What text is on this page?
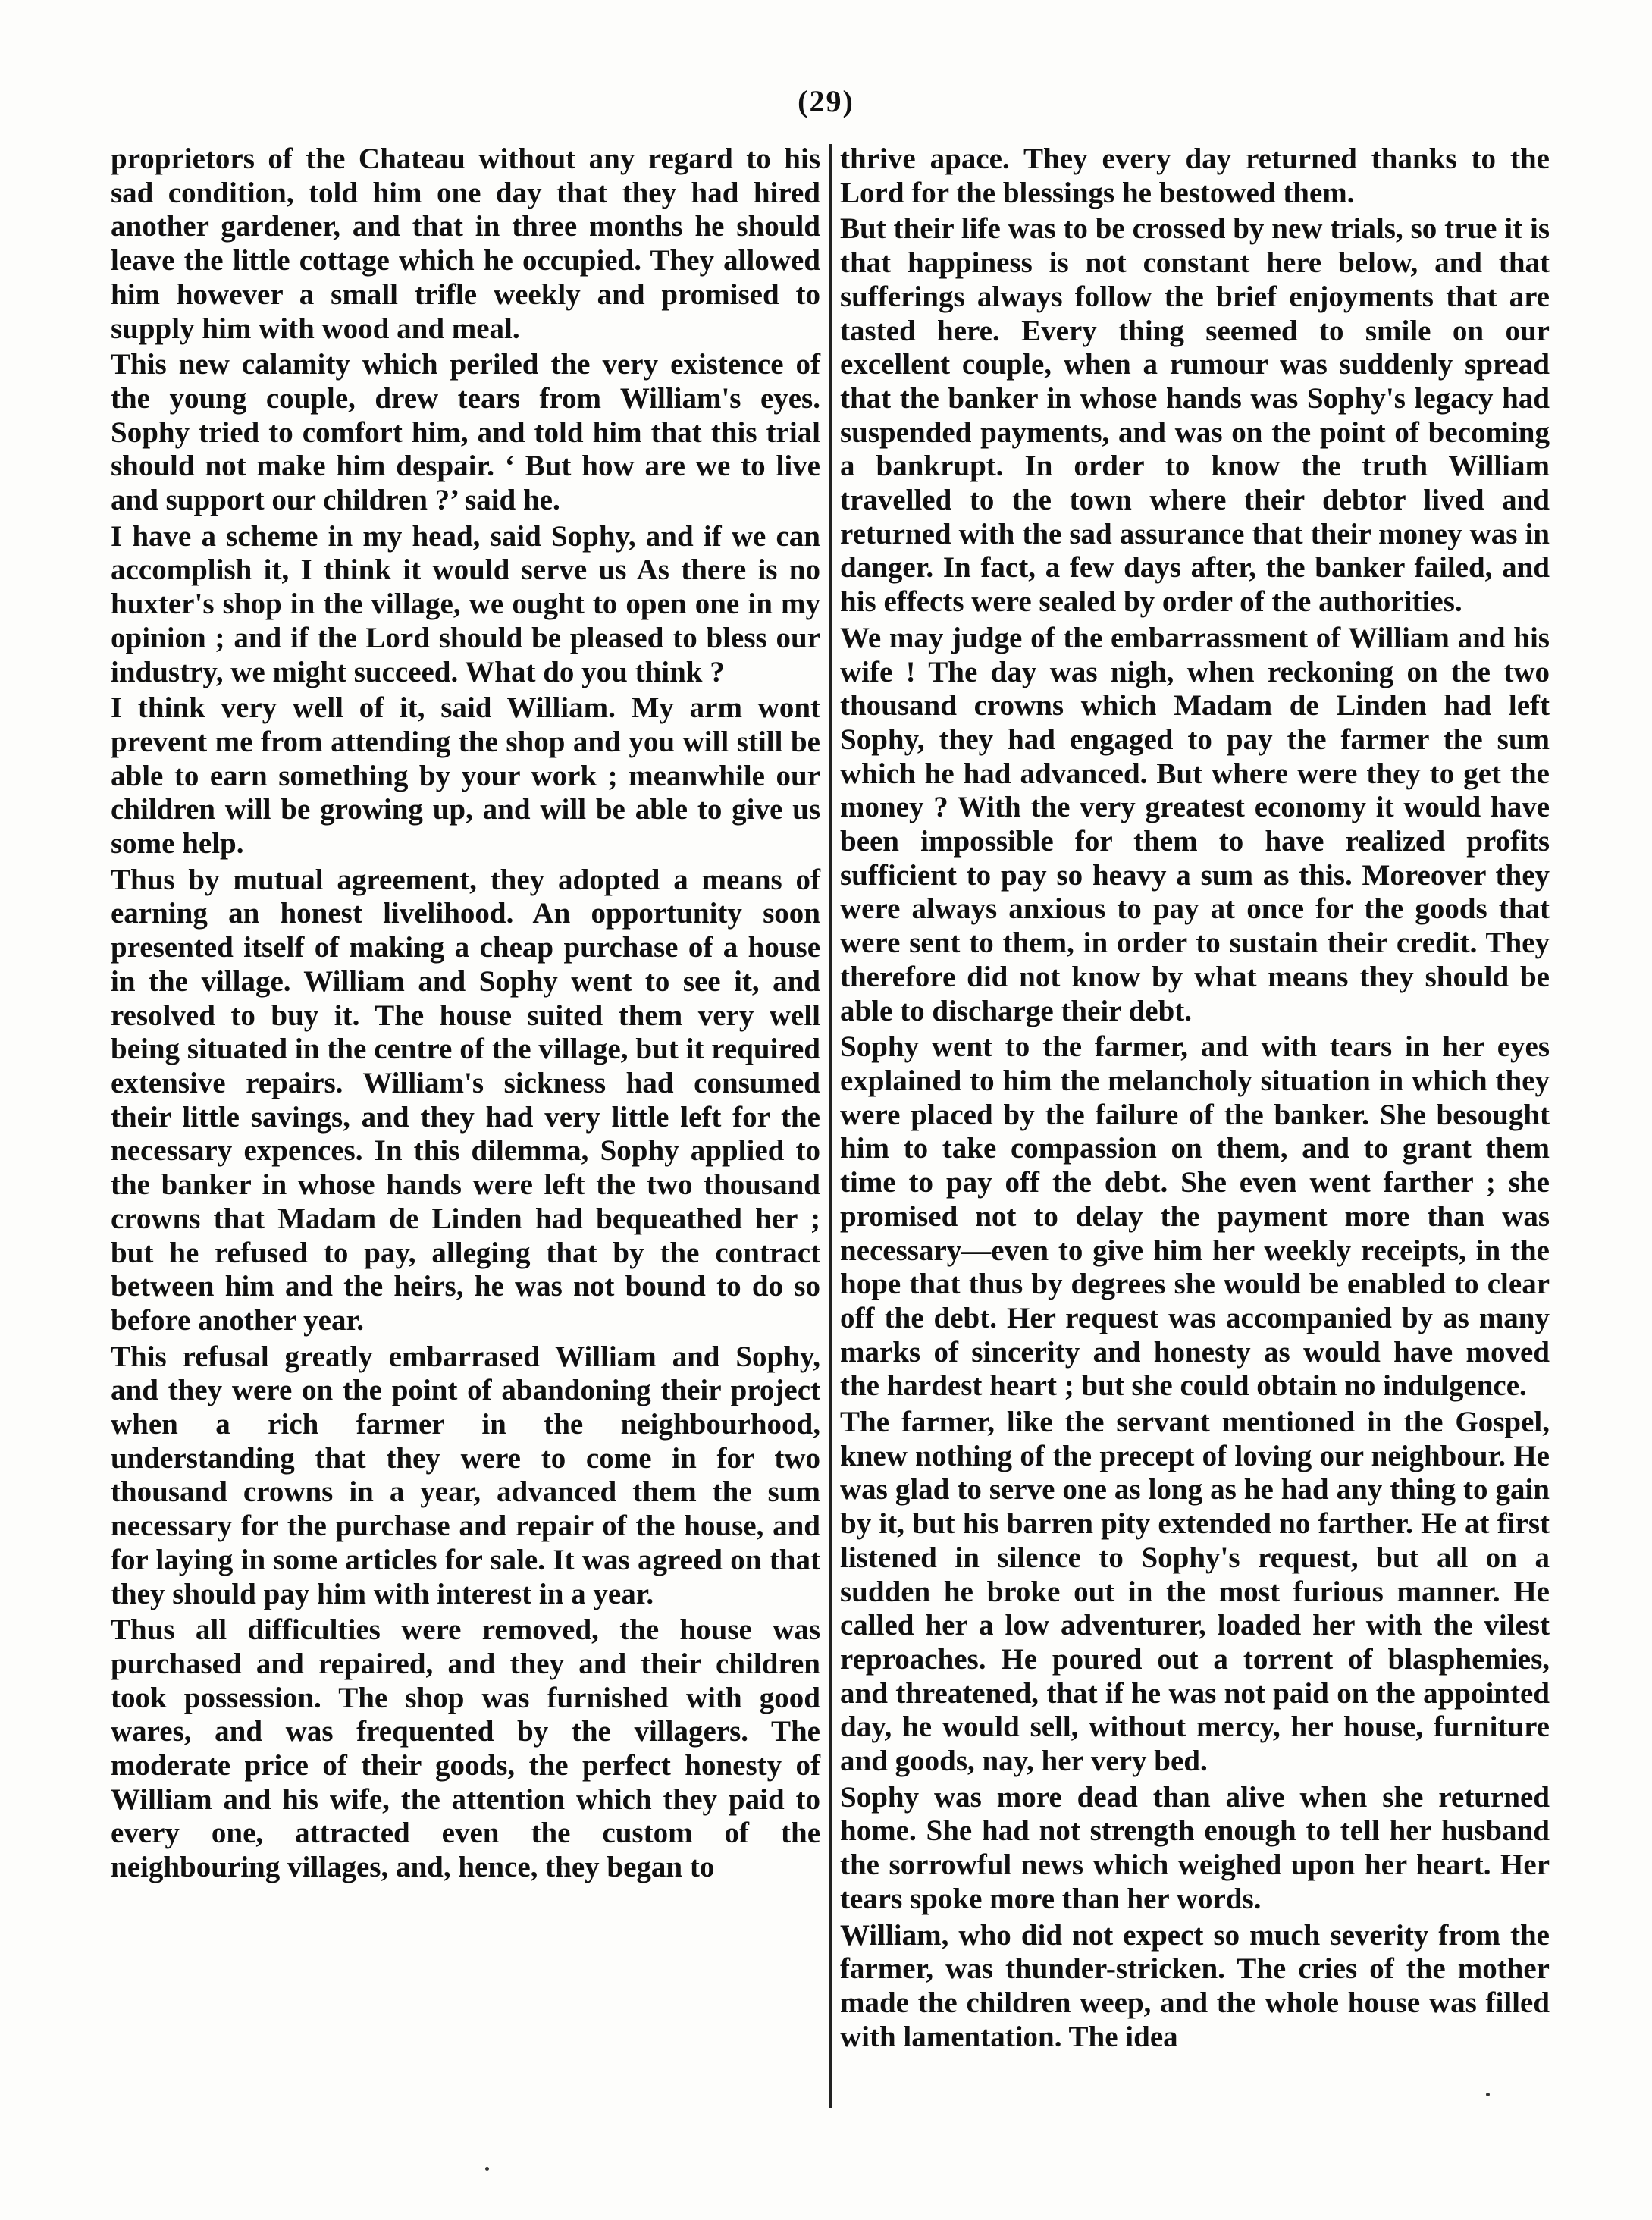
(29)

proprietors of the Chateau without any regard to his sad condition, told him one day that they had hired another gardener, and that in three months he should leave the little cottage which he occupied. They allowed him however a small trifle weekly and promised to supply him with wood and meal.

This new calamity which periled the very existence of the young couple, drew tears from William's eyes. Sophy tried to comfort him, and told him that this trial should not make him despair. ‘ But how are we to live and support our children ?’ said he.

I have a scheme in my head, said Sophy, and if we can accomplish it, I think it would serve us As there is no huxter's shop in the village, we ought to open one in my opinion ; and if the Lord should be pleased to bless our industry, we might succeed. What do you think ?

I think very well of it, said William. My arm wont prevent me from attending the shop and you will still be able to earn something by your work ; meanwhile our children will be growing up, and will be able to give us some help.

Thus by mutual agreement, they adopted a means of earning an honest livelihood. An opportunity soon presented itself of making a cheap purchase of a house in the village. William and Sophy went to see it, and resolved to buy it. The house suited them very well being situated in the centre of the village, but it required extensive repairs. William's sickness had consumed their little savings, and they had very little left for the necessary expences. In this dilemma, Sophy applied to the banker in whose hands were left the two thousand crowns that Madam de Linden had bequeathed her ; but he refused to pay, alleging that by the contract between him and the heirs, he was not bound to do so before another year.

This refusal greatly embarrased William and Sophy, and they were on the point of abandoning their project when a rich farmer in the neighbourhood, understanding that they were to come in for two thousand crowns in a year, advanced them the sum necessary for the purchase and repair of the house, and for laying in some articles for sale. It was agreed on that they should pay him with interest in a year.

Thus all difficulties were removed, the house was purchased and repaired, and they and their children took possession. The shop was furnished with good wares, and was frequented by the villagers. The moderate price of their goods, the perfect honesty of William and his wife, the attention which they paid to every one, attracted even the custom of the neighbouring villages, and, hence, they began to

thrive apace. They every day returned thanks to the Lord for the blessings he bestowed them.

But their life was to be crossed by new trials, so true it is that happiness is not constant here below, and that sufferings always follow the brief enjoyments that are tasted here. Every thing seemed to smile on our excellent couple, when a rumour was suddenly spread that the banker in whose hands was Sophy's legacy had suspended payments, and was on the point of becoming a bankrupt. In order to know the truth William travelled to the town where their debtor lived and returned with the sad assurance that their money was in danger. In fact, a few days after, the banker failed, and his effects were sealed by order of the authorities.

We may judge of the embarrassment of William and his wife ! The day was nigh, when reckoning on the two thousand crowns which Madam de Linden had left Sophy, they had engaged to pay the farmer the sum which he had advanced. But where were they to get the money ? With the very greatest economy it would have been impossible for them to have realized profits sufficient to pay so heavy a sum as this. Moreover they were always anxious to pay at once for the goods that were sent to them, in order to sustain their credit. They therefore did not know by what means they should be able to discharge their debt.

Sophy went to the farmer, and with tears in her eyes explained to him the melancholy situation in which they were placed by the failure of the banker. She besought him to take compassion on them, and to grant them time to pay off the debt. She even went farther ; she promised not to delay the payment more than was necessary—even to give him her weekly receipts, in the hope that thus by degrees she would be enabled to clear off the debt. Her request was accompanied by as many marks of sincerity and honesty as would have moved the hardest heart ; but she could obtain no indulgence.

The farmer, like the servant mentioned in the Gospel, knew nothing of the precept of loving our neighbour. He was glad to serve one as long as he had any thing to gain by it, but his barren pity extended no farther. He at first listened in silence to Sophy's request, but all on a sudden he broke out in the most furious manner. He called her a low adventurer, loaded her with the vilest reproaches. He poured out a torrent of blasphemies, and threatened, that if he was not paid on the appointed day, he would sell, without mercy, her house, furniture and goods, nay, her very bed.

Sophy was more dead than alive when she returned home. She had not strength enough to tell her husband the sorrowful news which weighed upon her heart. Her tears spoke more than her words.

William, who did not expect so much severity from the farmer, was thunder-stricken. The cries of the mother made the children weep, and the whole house was filled with lamentation. The idea
